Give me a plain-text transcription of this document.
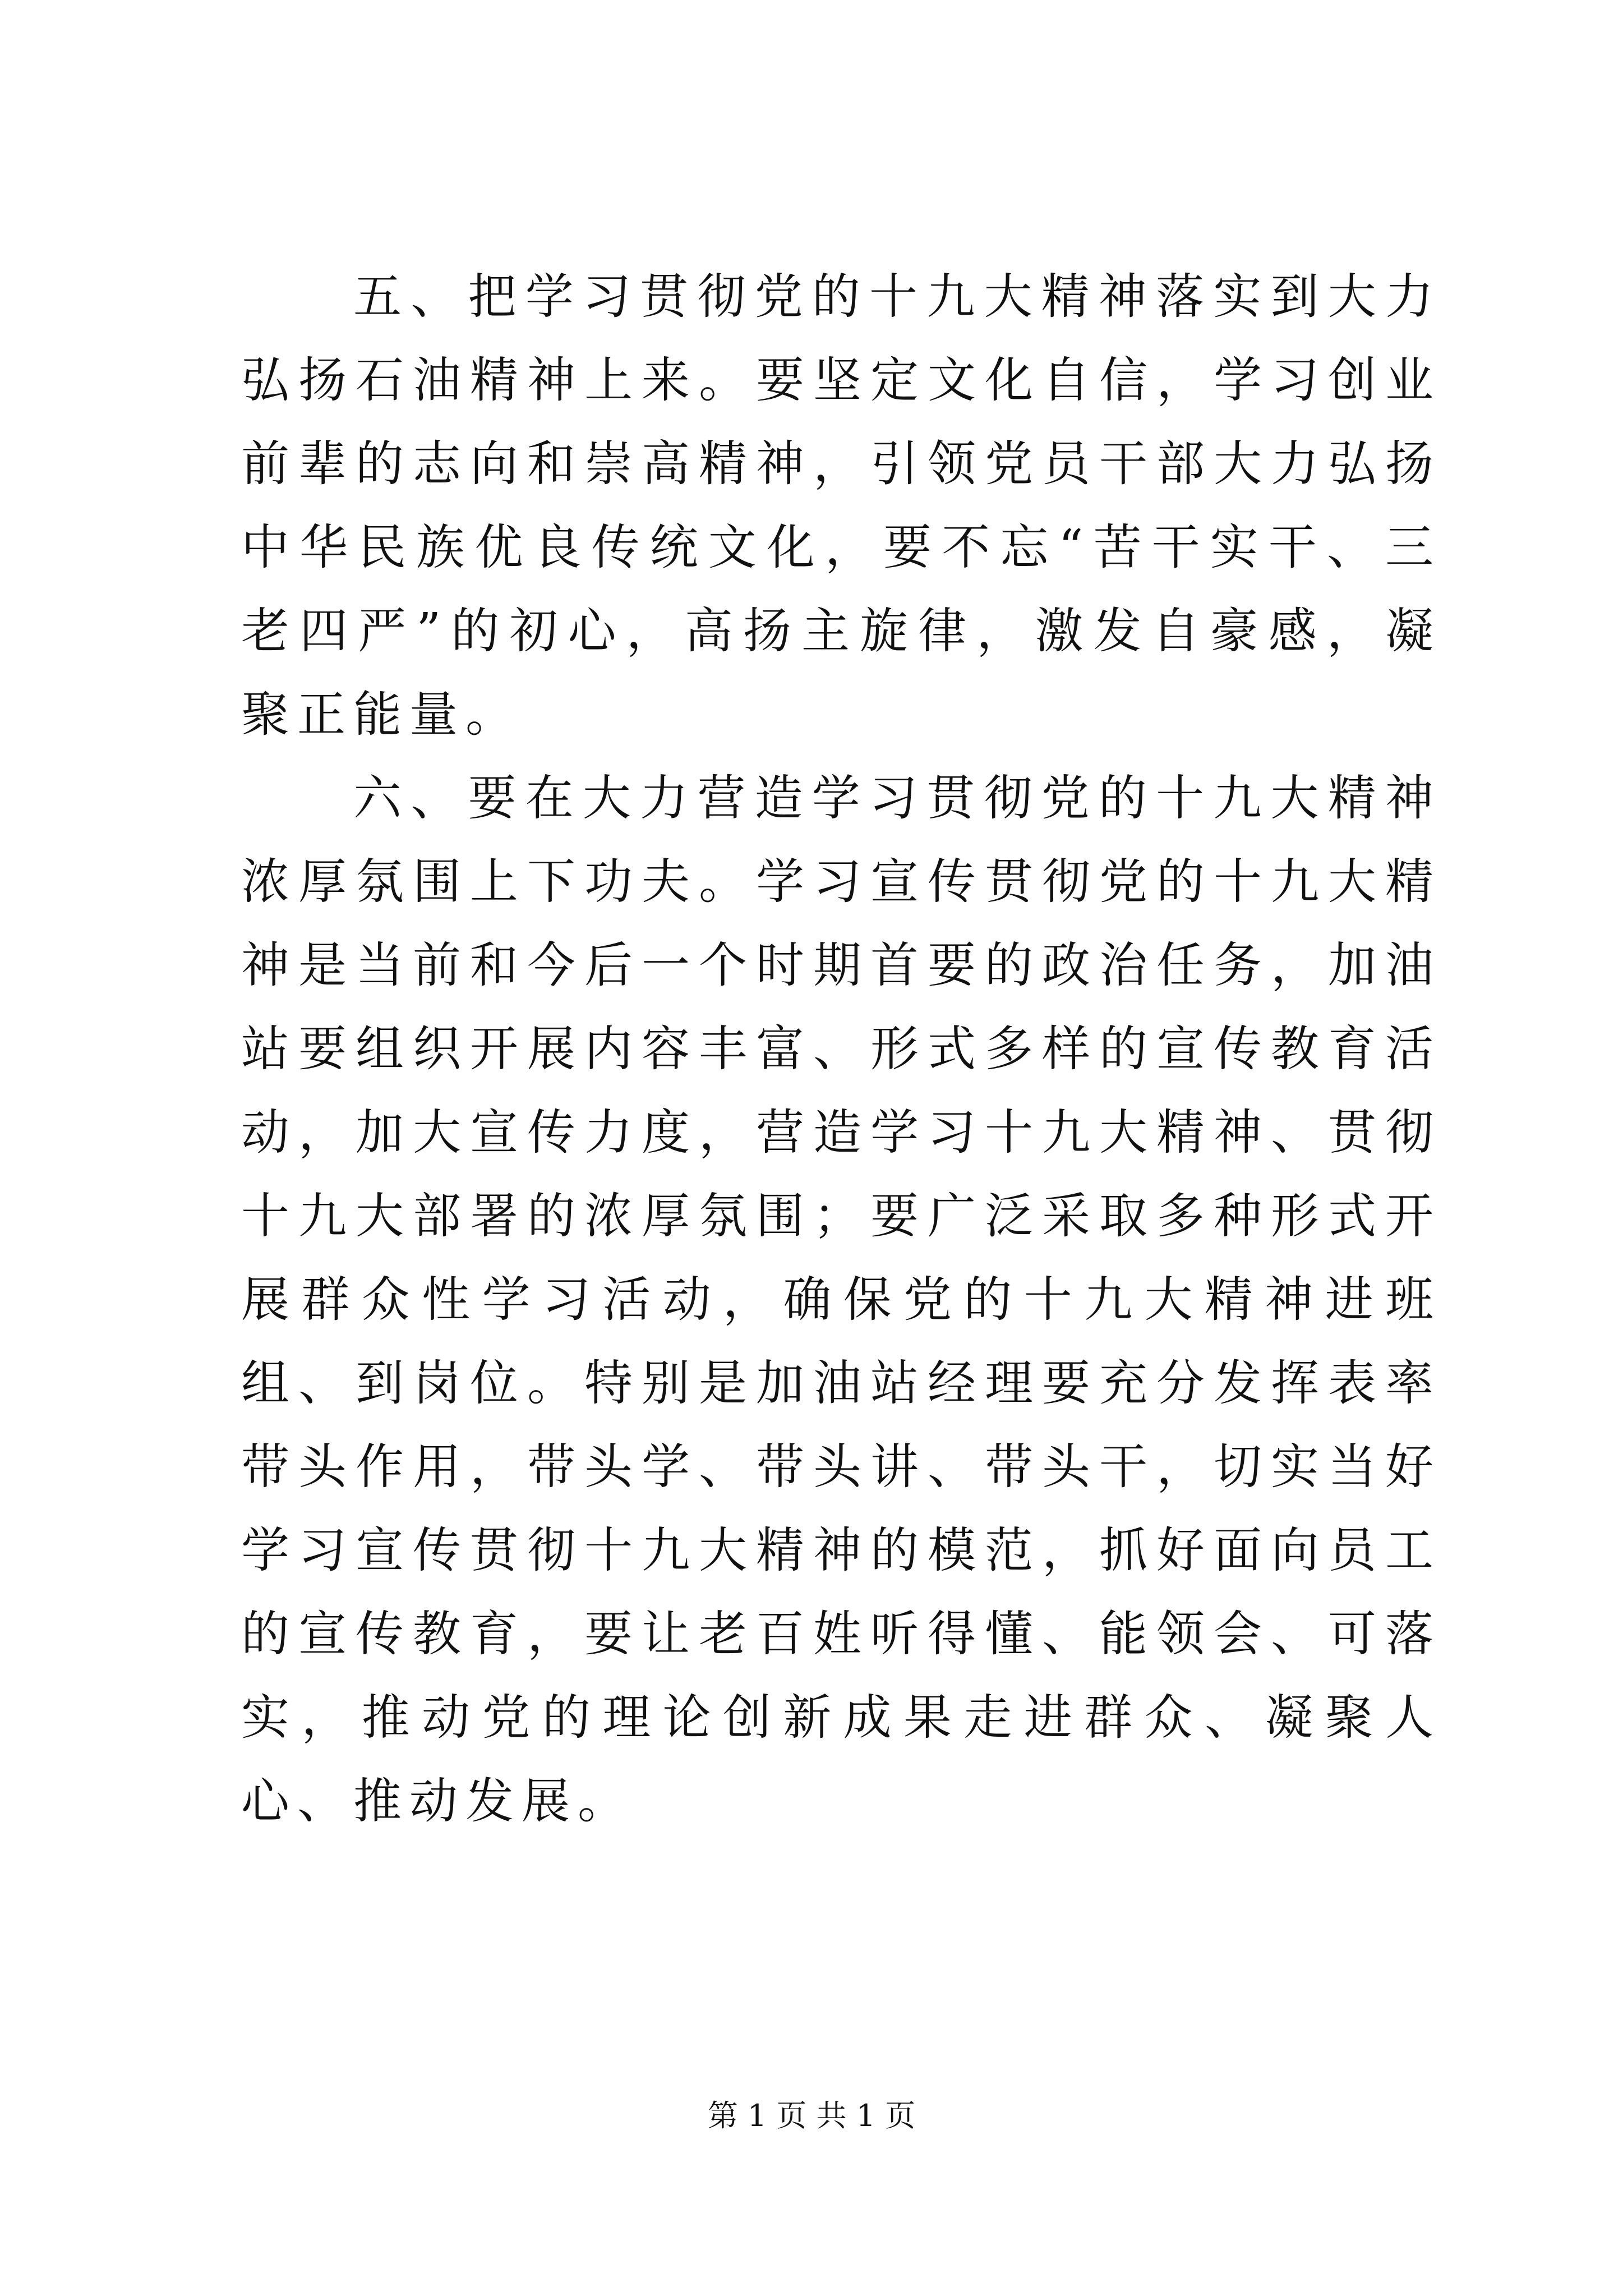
五、把学习贯彻党的十九大精神落实到大力弘扬石油精神上来。要坚定文化自信，学习创业前辈的志向和崇高精神，引领党员干部大力弘扬中华民族优良传统文化，要不忘“苦干实干、三老四严”的初心，高扬主旋律，激发自豪感，凝聚正能量。

六、要在大力营造学习贯彻党的十九大精神浓厚氛围上下功夫。学习宣传贯彻党的十九大精神是当前和今后一个时期首要的政治任务，加油站要组织开展内容丰富、形式多样的宣传教育活动，加大宣传力度，营造学习十九大精神、贯彻十九大部署的浓厚氛围；要广泛采取多种形式开展群众性学习活动，确保党的十九大精神进班组、到岗位。特别是加油站经理要充分发挥表率带头作用，带头学、带头讲、带头干，切实当好学习宣传贯彻十九大精神的模范，抓好面向员工的宣传教育，要让老百姓听得懂、能领会、可落实，推动党的理论创新成果走进群众、凝聚人心、推动发展。

第 1 页 共 1 页
